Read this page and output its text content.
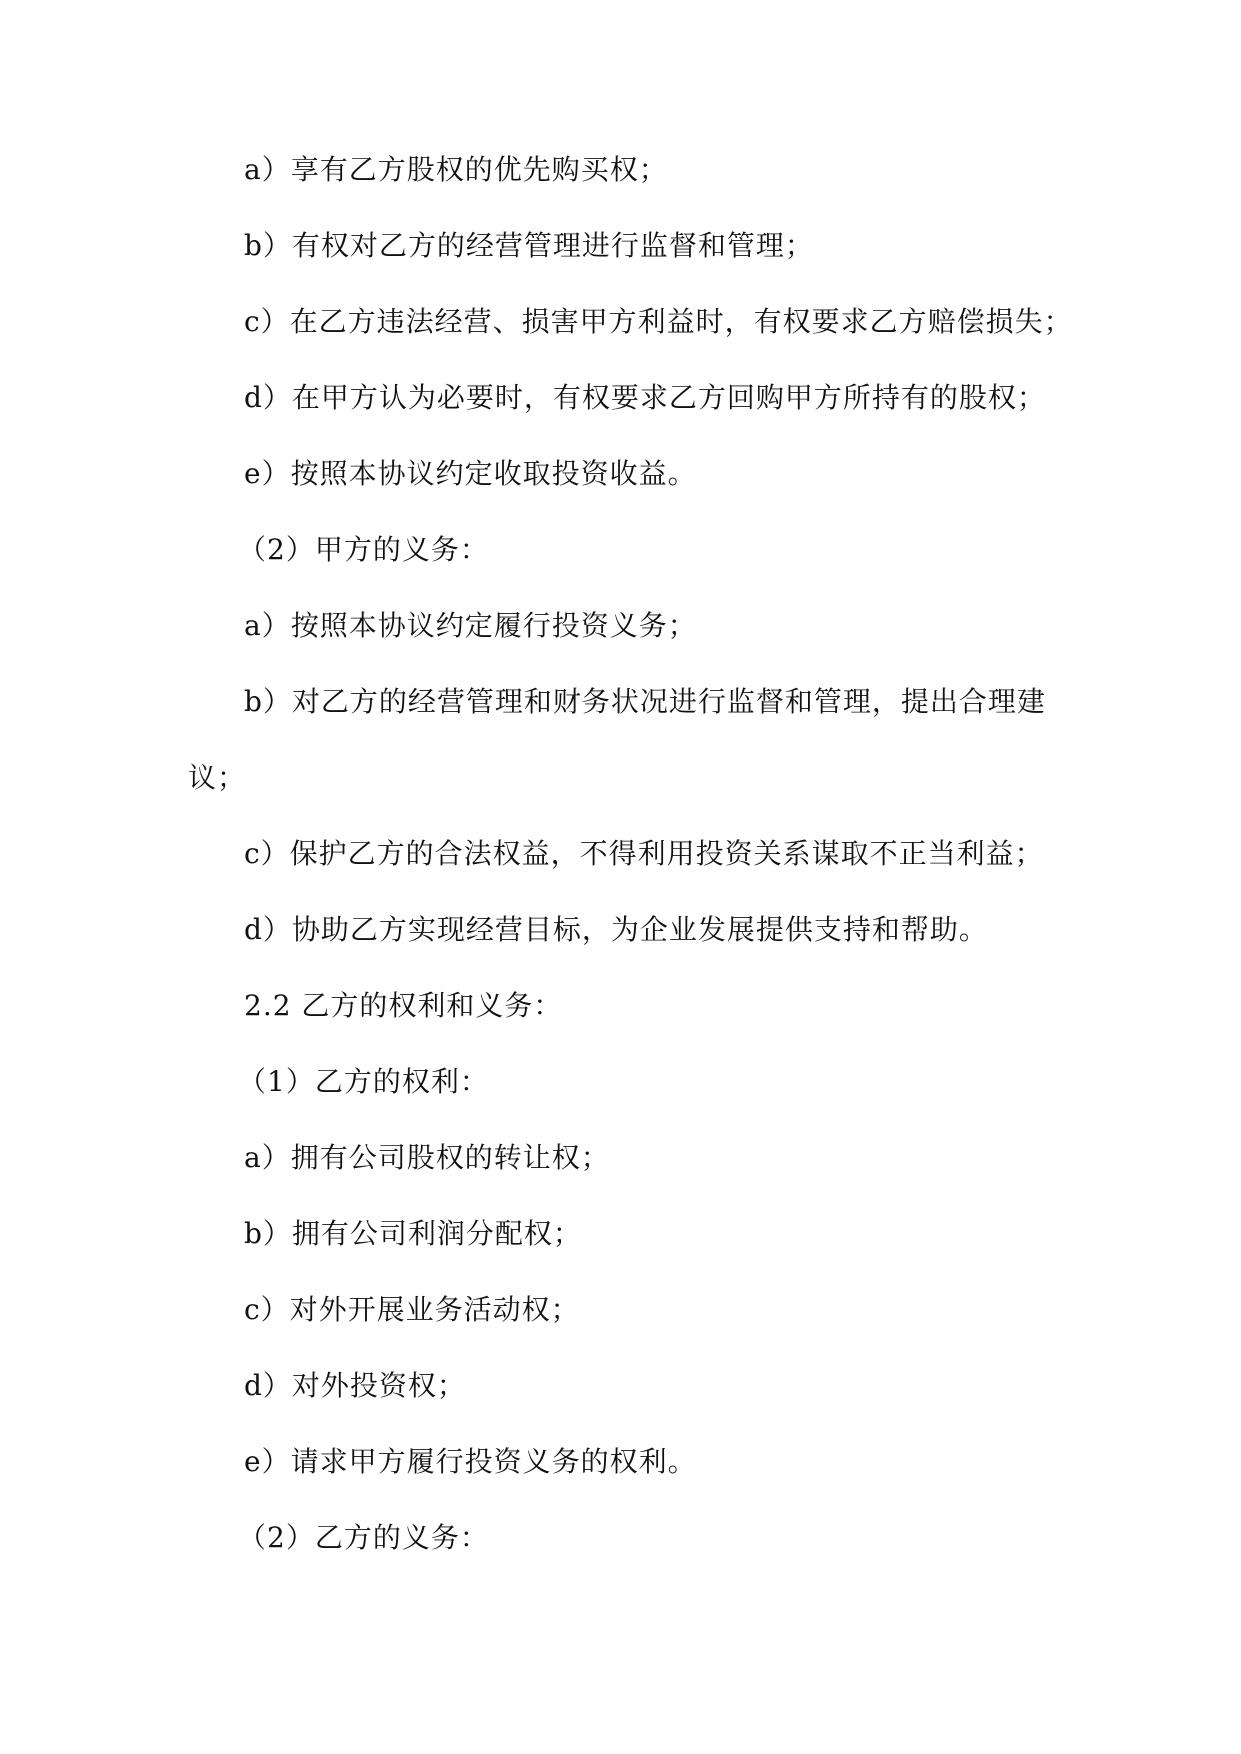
a）享有乙方股权的优先购买权；
b）有权对乙方的经营管理进行监督和管理；
c）在乙方违法经营、损害甲方利益时，有权要求乙方赔偿损失；
d）在甲方认为必要时，有权要求乙方回购甲方所持有的股权；
e）按照本协议约定收取投资收益。
（2）甲方的义务：
a）按照本协议约定履行投资义务；
b）对乙方的经营管理和财务状况进行监督和管理，提出合理建
议；
c）保护乙方的合法权益，不得利用投资关系谋取不正当利益；
d）协助乙方实现经营目标，为企业发展提供支持和帮助。
2.2 乙方的权利和义务：
（1）乙方的权利：
a）拥有公司股权的转让权；
b）拥有公司利润分配权；
c）对外开展业务活动权；
d）对外投资权；
e）请求甲方履行投资义务的权利。
（2）乙方的义务：
